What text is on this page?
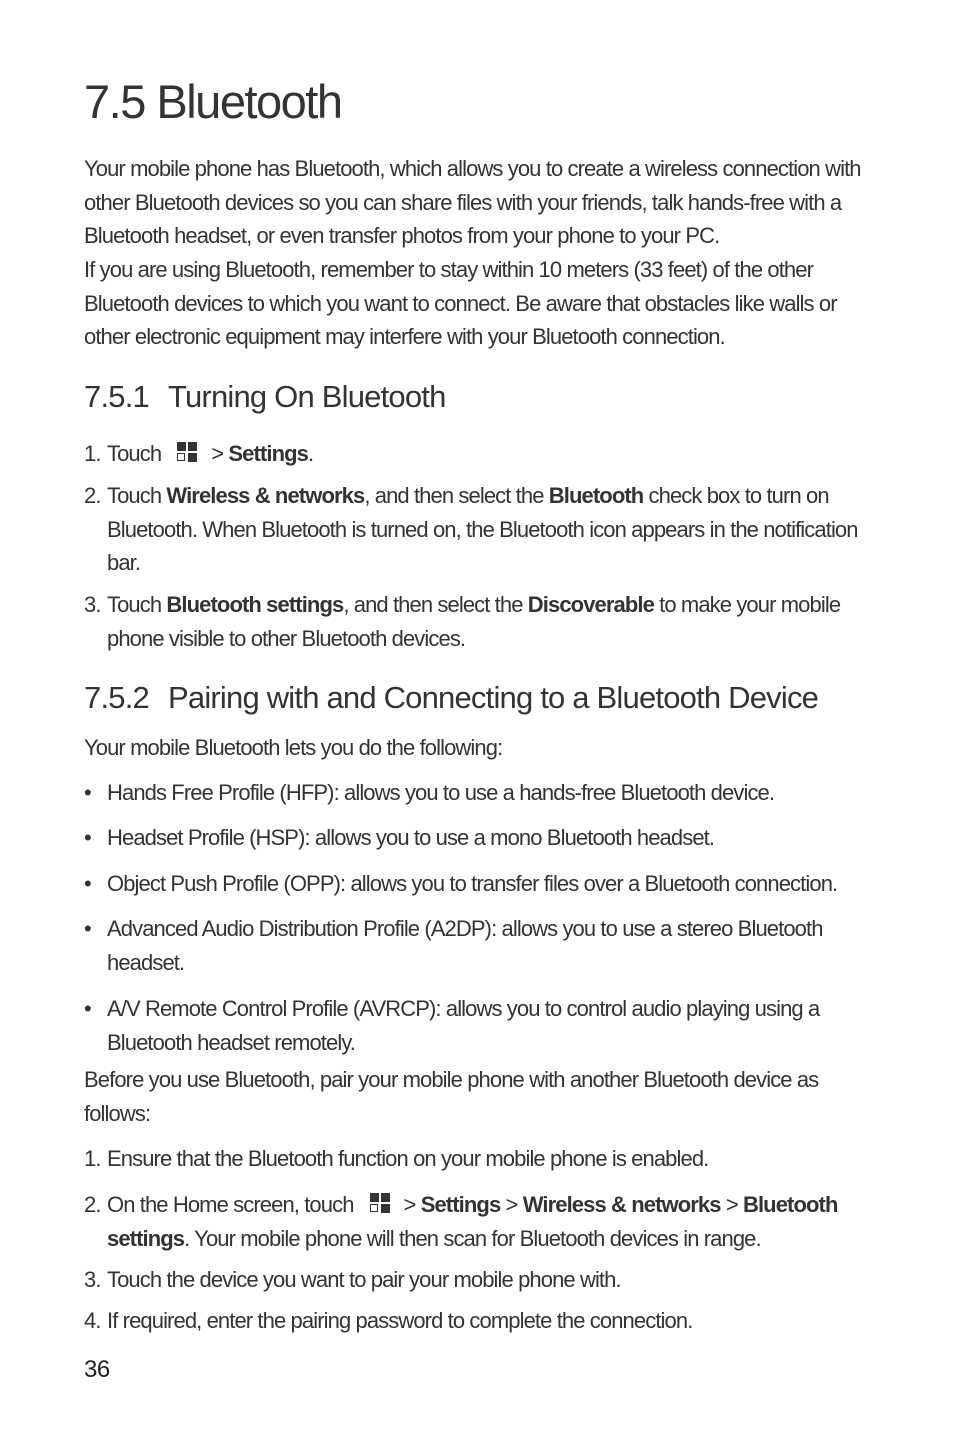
7.5 Bluetooth

Your mobile phone has Bluetooth, which allows you to create a wireless connection with other Bluetooth devices so you can share files with your friends, talk hands-free with a Bluetooth headset, or even transfer photos from your phone to your PC.

If you are using Bluetooth, remember to stay within 10 meters (33 feet) of the other Bluetooth devices to which you want to connect. Be aware that obstacles like walls or other electronic equipment may interfere with your Bluetooth connection.

7.5.1 Turning On Bluetooth
1. Touch > Settings.
2. Touch Wireless & networks, and then select the Bluetooth check box to turn on Bluetooth. When Bluetooth is turned on, the Bluetooth icon appears in the notification bar.
3. Touch Bluetooth settings, and then select the Discoverable to make your mobile phone visible to other Bluetooth devices.
7.5.2 Pairing with and Connecting to a Bluetooth Device

Your mobile Bluetooth lets you do the following:

• Hands Free Profile (HFP): allows you to use a hands-free Bluetooth device.
• Headset Profile (HSP): allows you to use a mono Bluetooth headset.
• Object Push Profile (OPP): allows you to transfer files over a Bluetooth connection.
• Advanced Audio Distribution Profile (A2DP): allows you to use a stereo Bluetooth headset.
• A/V Remote Control Profile (AVRCP): allows you to control audio playing using a Bluetooth headset remotely.

Before you use Bluetooth, pair your mobile phone with another Bluetooth device as follows:

1. Ensure that the Bluetooth function on your mobile phone is enabled.
2. On the Home screen, touch > Settings > Wireless & networks > Bluetooth settings. Your mobile phone will then scan for Bluetooth devices in range.
3. Touch the device you want to pair your mobile phone with.
4. If required, enter the pairing password to complete the connection.
36
